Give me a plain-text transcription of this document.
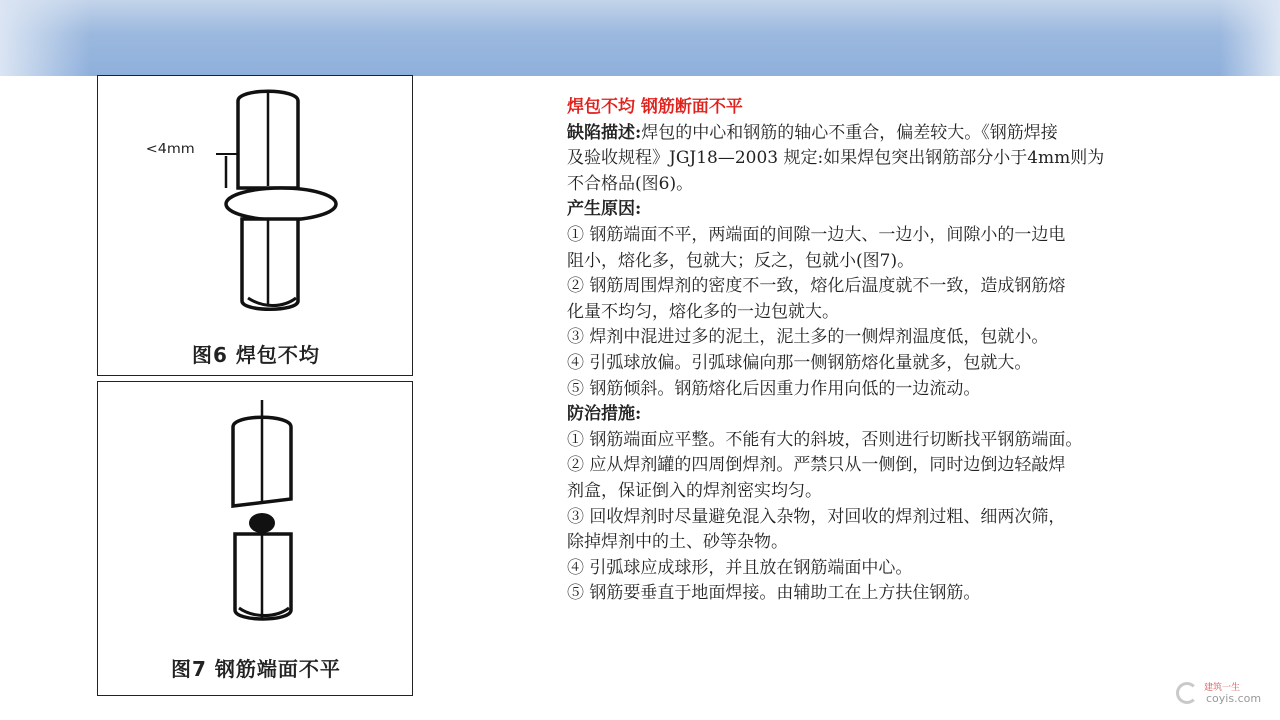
<4mm
图6 焊包不均
图7 钢筋端面不平

焊包不均 钢筋断面不平

缺陷描述:焊包的中心和钢筋的轴心不重合，偏差较大。《钢筋焊接

及验收规程》JGJ18—2003 规定:如果焊包突出钢筋部分小于4mm则为

不合格品(图6)。

产生原因:

① 钢筋端面不平，两端面的间隙一边大、一边小，间隙小的一边电

阻小，熔化多，包就大；反之，包就小(图7)。

② 钢筋周围焊剂的密度不一致，熔化后温度就不一致，造成钢筋熔

化量不均匀，熔化多的一边包就大。

③ 焊剂中混进过多的泥土，泥土多的一侧焊剂温度低，包就小。

④ 引弧球放偏。引弧球偏向那一侧钢筋熔化量就多，包就大。

⑤ 钢筋倾斜。钢筋熔化后因重力作用向低的一边流动。

防治措施:

① 钢筋端面应平整。不能有大的斜坡，否则进行切断找平钢筋端面。

② 应从焊剂罐的四周倒焊剂。严禁只从一侧倒，同时边倒边轻敲焊

剂盒，保证倒入的焊剂密实均匀。

③ 回收焊剂时尽量避免混入杂物，对回收的焊剂过粗、细两次筛，

除掉焊剂中的土、砂等杂物。

④ 引弧球应成球形，并且放在钢筋端面中心。

⑤ 钢筋要垂直于地面焊接。由辅助工在上方扶住钢筋。

建筑一生
coyis.com
